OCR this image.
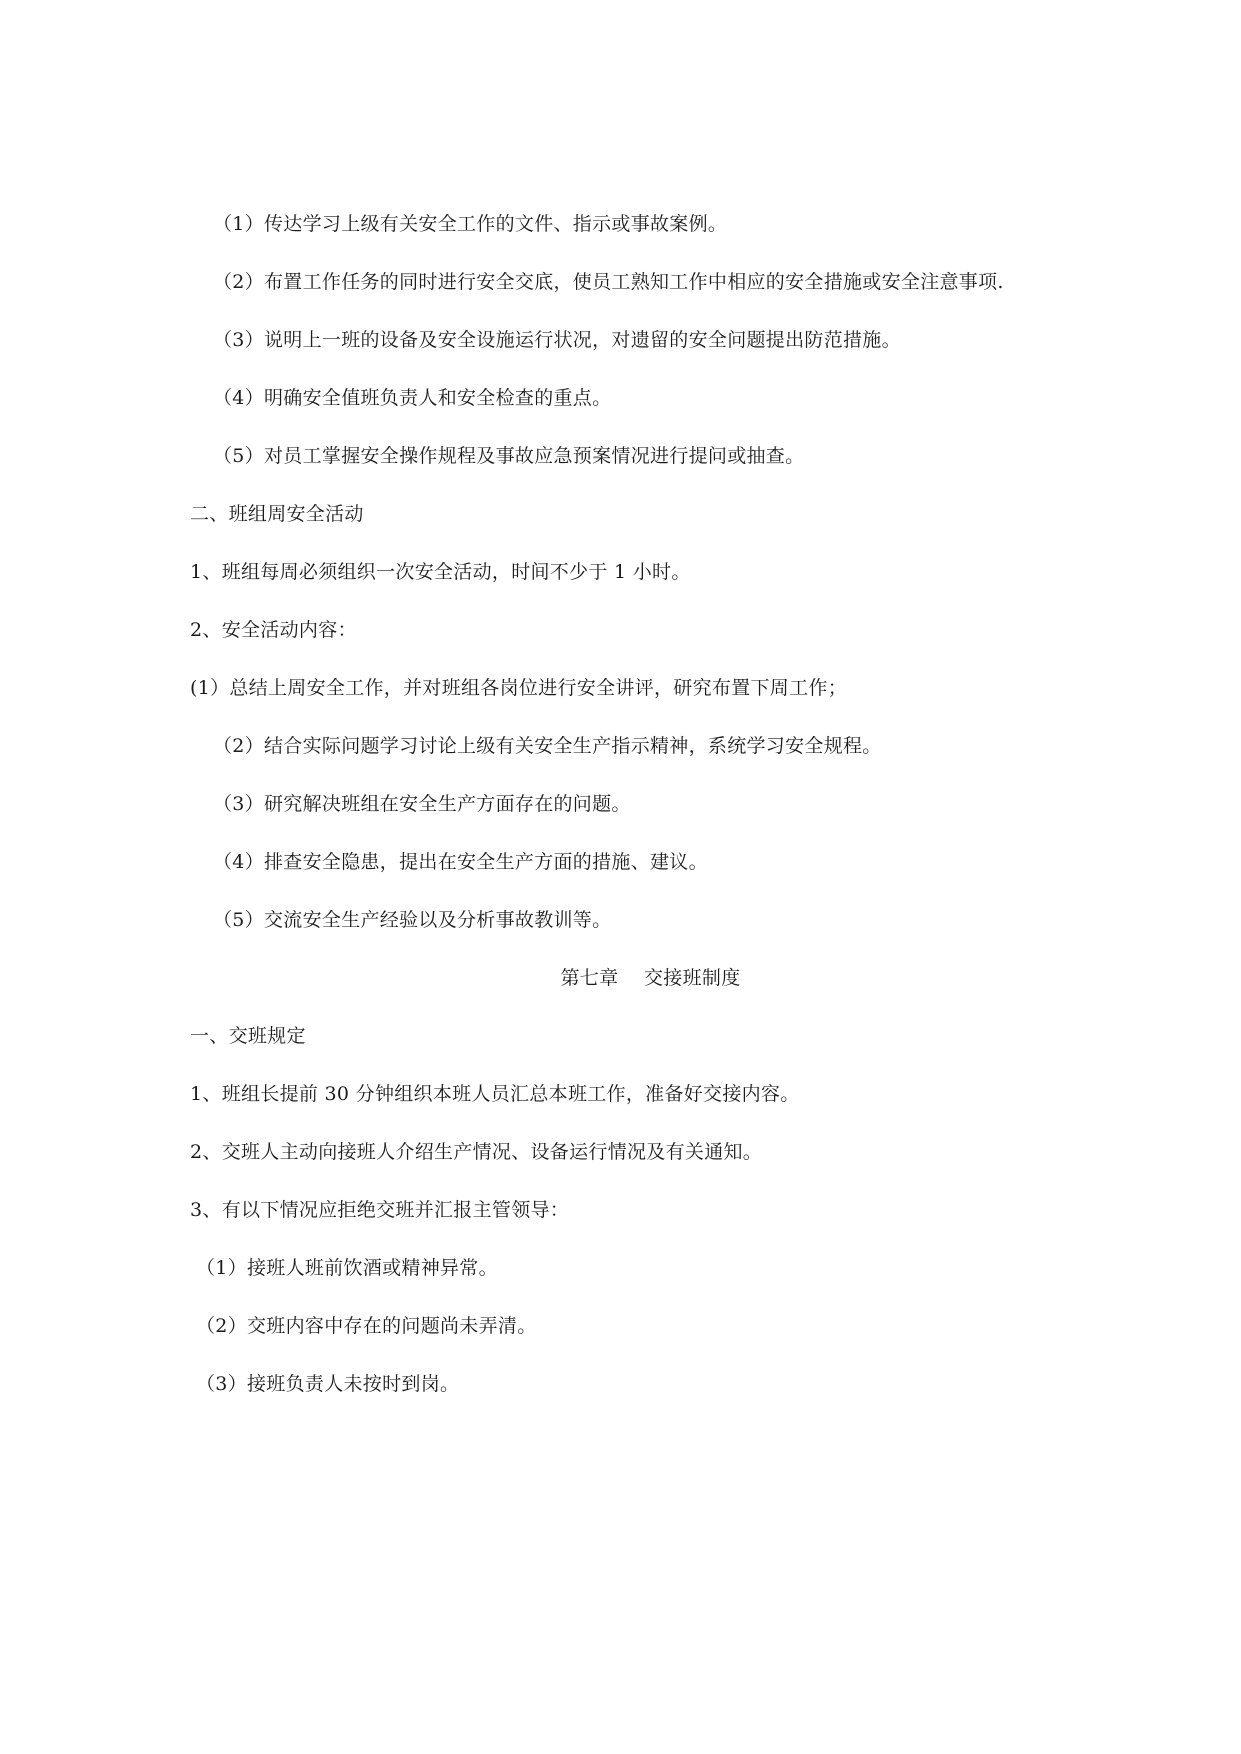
（1）传达学习上级有关安全工作的文件、指示或事故案例。

（2）布置工作任务的同时进行安全交底，使员工熟知工作中相应的安全措施或安全注意事项.

（3）说明上一班的设备及安全设施运行状况，对遗留的安全问题提出防范措施。

（4）明确安全值班负责人和安全检查的重点。

（5）对员工掌握安全操作规程及事故应急预案情况进行提问或抽查。

二、班组周安全活动

1、班组每周必须组织一次安全活动，时间不少于 1 小时。

2、安全活动内容：

(1）总结上周安全工作，并对班组各岗位进行安全讲评，研究布置下周工作；

（2）结合实际问题学习讨论上级有关安全生产指示精神，系统学习安全规程。

（3）研究解决班组在安全生产方面存在的问题。

（4）排查安全隐患，提出在安全生产方面的措施、建议。

（5）交流安全生产经验以及分析事故教训等。

第七章　 交接班制度

一、交班规定

1、班组长提前 30 分钟组织本班人员汇总本班工作，准备好交接内容。

2、交班人主动向接班人介绍生产情况、设备运行情况及有关通知。

3、有以下情况应拒绝交班并汇报主管领导：

（1）接班人班前饮酒或精神异常。

（2）交班内容中存在的问题尚未弄清。

（3）接班负责人未按时到岗。
